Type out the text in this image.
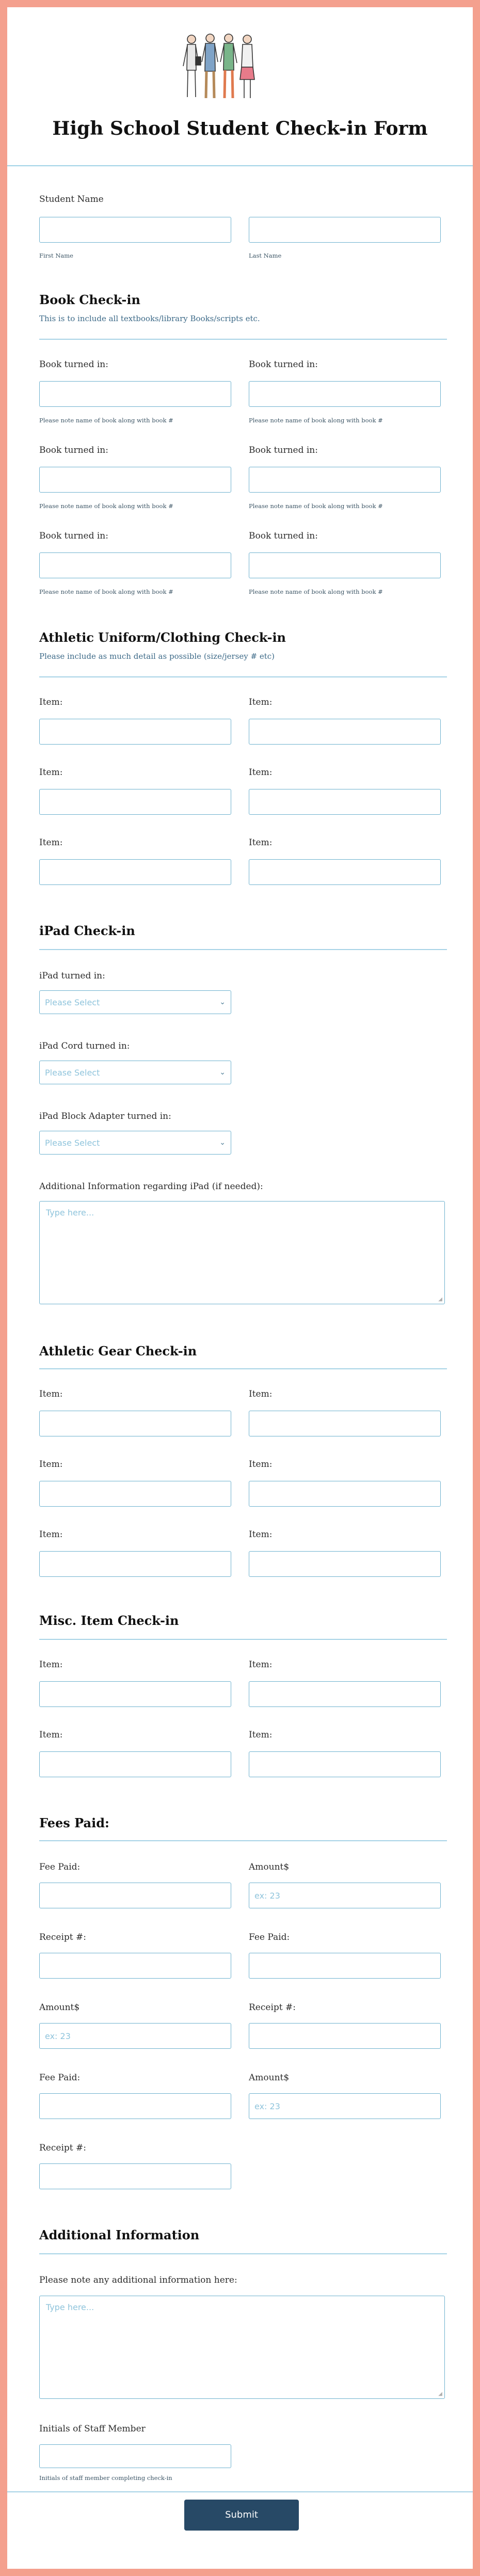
High School Student Check-in Form
Student Name
First Name	Last Name
Book Check-in
This is to include all textbooks/library Books/scripts etc.
Book turned in:	Book turned in:
Please note name of book along with book #	Please note name of book along with book #
Book turned in:	Book turned in:
Please note name of book along with book #	Please note name of book along with book #
Book turned in:	Book turned in:
Please note name of book along with book #	Please note name of book along with book #
Athletic Uniform/Clothing Check-in
Please include as much detail as possible (size/jersey # etc)
Item:	Item:
Item:	Item:
Item:	Item:
iPad Check-in
iPad turned in:
Please Select	⌄
iPad Cord turned in:
Please Select	⌄
iPad Block Adapter turned in:
Please Select	⌄
Additional Information regarding iPad (if needed):
Type here...
◢
Athletic Gear Check-in
Item:	Item:
Item:	Item:
Item:	Item:
Misc. Item Check-in
Item:	Item:
Item:	Item:
Fees Paid:
Fee Paid:	Amount$
ex: 23
Receipt #:	Fee Paid:
Amount$	Receipt #:
ex: 23
Fee Paid:	Amount$
ex: 23
Receipt #:
Additional Information
Please note any additional information here:
Type here...
◢
Initials of Staff Member
Initials of staff member completing check-in
Submit
